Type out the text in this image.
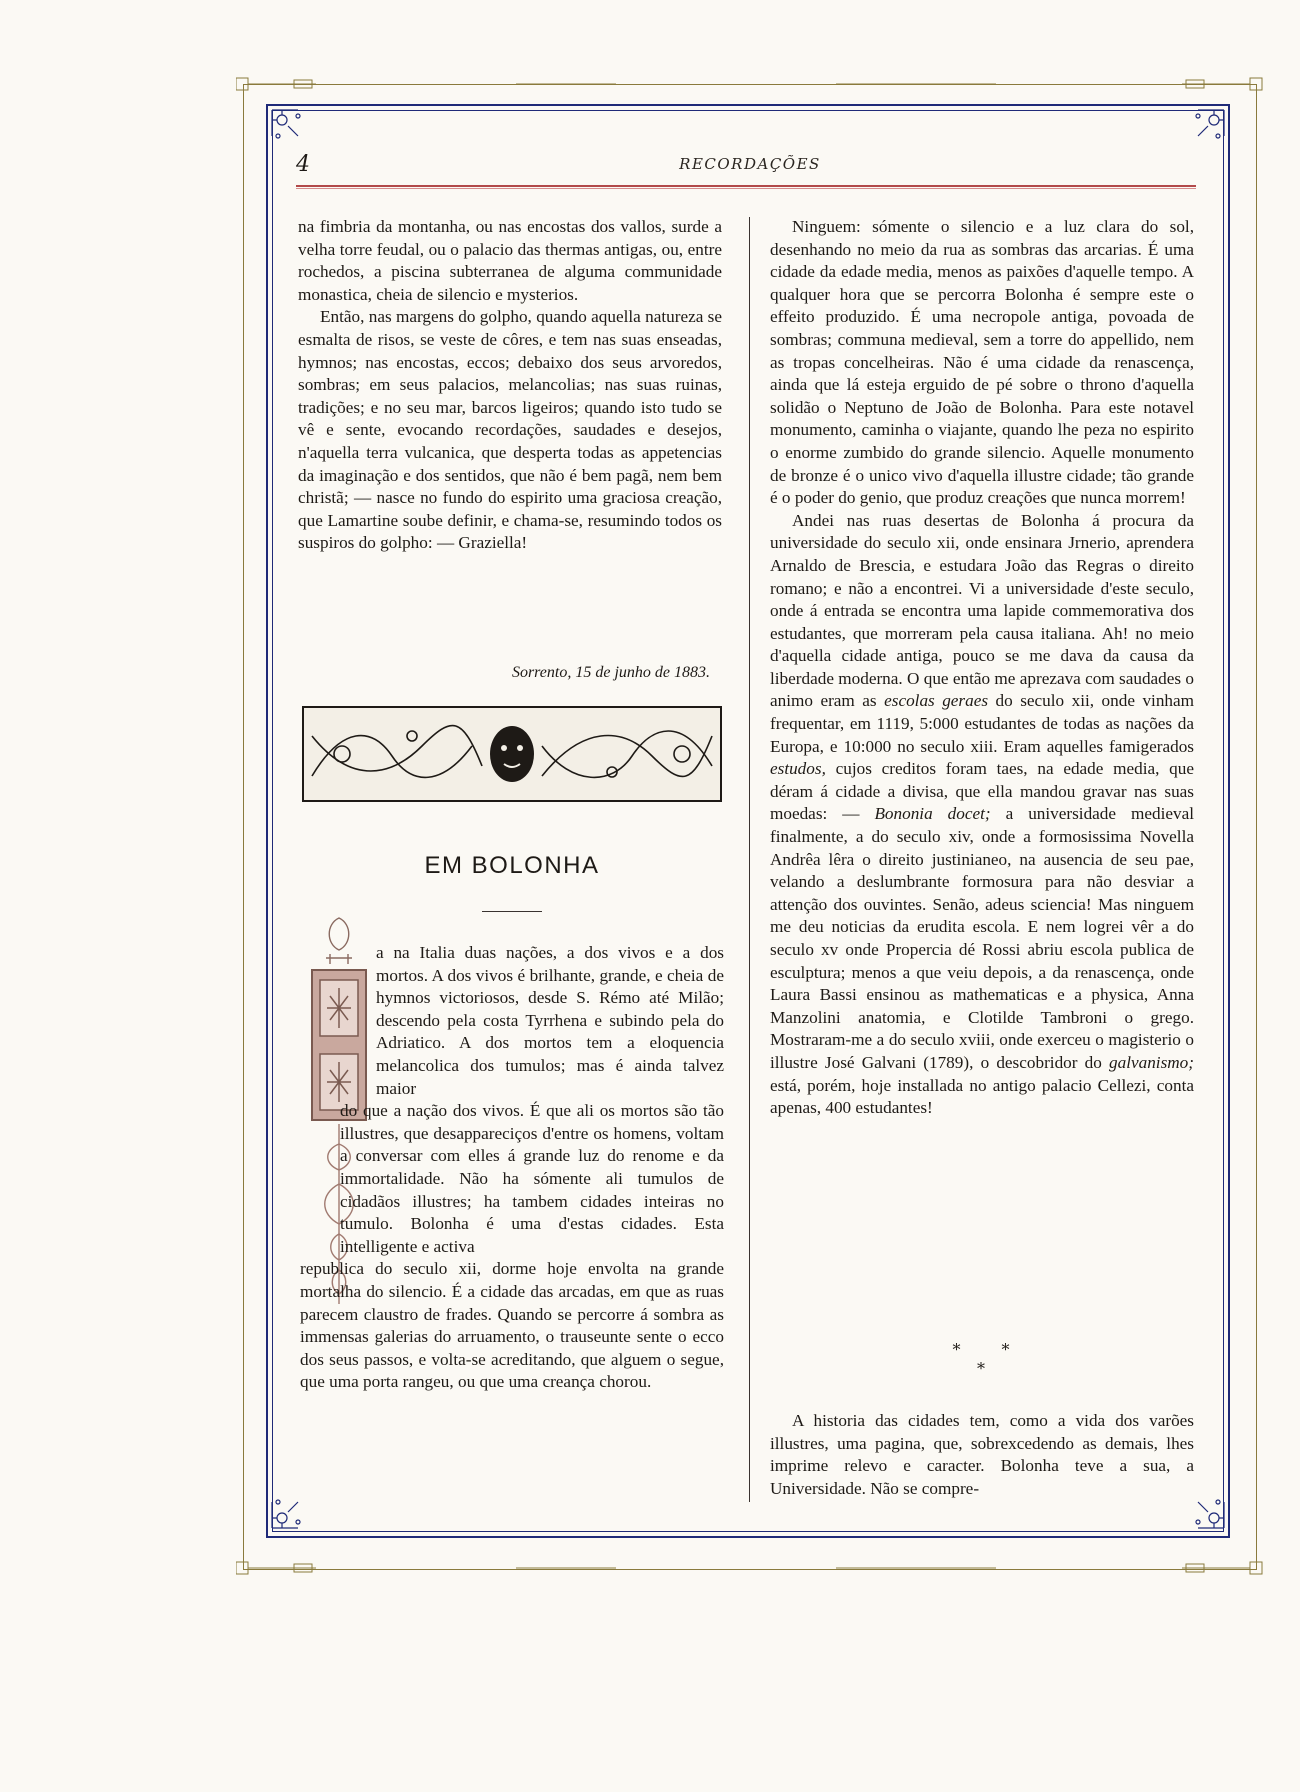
4	RECORDAÇÕES

na fimbria da montanha, ou nas encostas dos vallos, surde a velha torre feudal, ou o palacio das thermas antigas, ou, entre rochedos, a piscina subterranea de alguma communidade monastica, cheia de silencio e mysterios.

Então, nas margens do golpho, quando aquella natureza se esmalta de risos, se veste de côres, e tem nas suas enseadas, hymnos; nas encostas, eccos; debaixo dos seus arvoredos, sombras; em seus palacios, melancolias; nas suas ruinas, tradições; e no seu mar, barcos ligeiros; quando isto tudo se vê e sente, evocando recordações, saudades e desejos, n'aquella terra vulcanica, que desperta todas as appetencias da imaginação e dos sentidos, que não é bem pagã, nem bem christã; — nasce no fundo do espirito uma graciosa creação, que Lamartine soube definir, e chama-se, resumindo todos os suspiros do golpho: — Graziella!

Sorrento, 15 de junho de 1883.
EM BOLONHA

a na Italia duas nações, a dos vivos e a dos mortos. A dos vivos é brilhante, grande, e cheia de hymnos victoriosos, desde S. Rémo até Milão; descendo pela costa Tyrrhena e subindo pela do Adriatico. A dos mortos tem a eloquencia melancolica dos tumulos; mas é ainda talvez maior

do que a nação dos vivos. É que ali os mortos são tão illustres, que desappareciços d'entre os homens, voltam a conversar com elles á grande luz do renome e da immortalidade. Não ha sómente ali tumulos de cidadãos illustres; ha tambem cidades inteiras no tumulo. Bolonha é uma d'estas cidades. Esta intelligente e activa

republica do seculo xii, dorme hoje envolta na grande mortalha do silencio. É a cidade das arcadas, em que as ruas parecem claustro de frades. Quando se percorre á sombra as immensas galerias do arruamento, o trauseunte sente o ecco dos seus passos, e volta-se acreditando, que alguem o segue, que uma porta rangeu, ou que uma creança chorou.

Ninguem: sómente o silencio e a luz clara do sol, desenhando no meio da rua as sombras das arcarias. É uma cidade da edade media, menos as paixões d'aquelle tempo. A qualquer hora que se percorra Bolonha é sempre este o effeito produzido. É uma necropole antiga, povoada de sombras; communa medieval, sem a torre do appellido, nem as tropas concelheiras. Não é uma cidade da renascença, ainda que lá esteja erguido de pé sobre o throno d'aquella solidão o Neptuno de João de Bolonha. Para este notavel monumento, caminha o viajante, quando lhe peza no espirito o enorme zumbido do grande silencio. Aquelle monumento de bronze é o unico vivo d'aquella illustre cidade; tão grande é o poder do genio, que produz creações que nunca morrem!

Andei nas ruas desertas de Bolonha á procura da universidade do seculo xii, onde ensinara Jrnerio, aprendera Arnaldo de Brescia, e estudara João das Regras o direito romano; e não a encontrei. Vi a universidade d'este seculo, onde á entrada se encontra uma lapide commemorativa dos estudantes, que morreram pela causa italiana. Ah! no meio d'aquella cidade antiga, pouco se me dava da causa da liberdade moderna. O que então me aprezava com saudades o animo eram as escolas geraes do seculo xii, onde vinham frequentar, em 1119, 5:000 estudantes de todas as nações da Europa, e 10:000 no seculo xiii. Eram aquelles famigerados estudos, cujos creditos foram taes, na edade media, que déram á cidade a divisa, que ella mandou gravar nas suas moedas: — Bononia docet; a universidade medieval finalmente, a do seculo xiv, onde a formosissima Novella Andrêa lêra o direito justinianeo, na ausencia de seu pae, velando a deslumbrante formosura para não desviar a attenção dos ouvintes. Senão, adeus sciencia! Mas ninguem me deu noticias da erudita escola. E nem logrei vêr a do seculo xv onde Propercia dé Rossi abriu escola publica de esculptura; menos a que veiu depois, a da renascença, onde Laura Bassi ensinou as mathematicas e a physica, Anna Manzolini anatomia, e Clotilde Tambroni o grego. Mostraram-me a do seculo xviii, onde exerceu o magisterio o illustre José Galvani (1789), o descobridor do galvanismo; está, porém, hoje installada no antigo palacio Cellezi, conta apenas, 400 estudantes!

* * *

A historia das cidades tem, como a vida dos varões illustres, uma pagina, que, sobrexcedendo as demais, lhes imprime relevo e caracter. Bolonha teve a sua, a Universidade. Não se compre-
